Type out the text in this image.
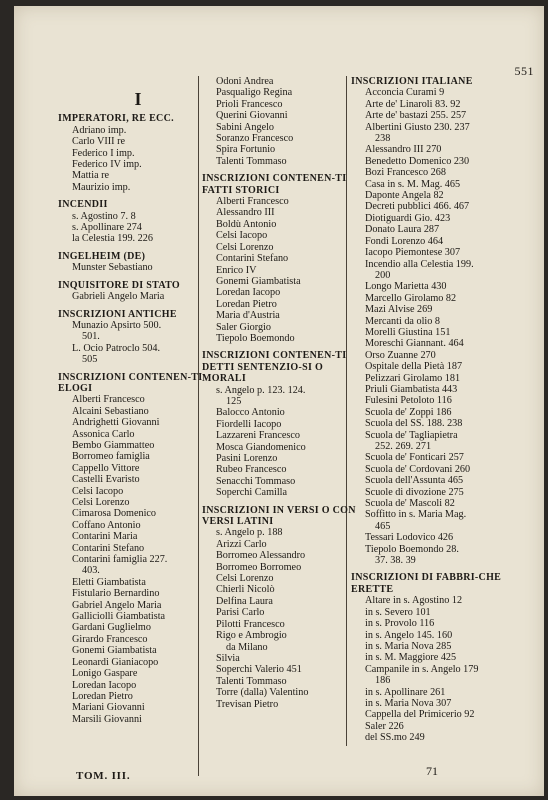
551
I
IMPERATORI, RE ECC.
Adriano imp.
Carlo VIII re
Federico I imp.
Federico IV imp.
Mattia re
Maurizio imp.
INCENDII
s. Agostino 7. 8
s. Apollinare 274
la Celestia 199. 226
INGELHEIM (DE)
Munster Sebastiano
INQUISITORE DI STATO
Gabrieli Angelo Maria
INSCRIZIONI ANTICHE
Munazio Apsirto 500.
501.
L. Ocio Patroclo 504.
505
INSCRIZIONI CONTENEN-TI ELOGI
Alberti Francesco
Alcaini Sebastiano
Andrighetti Giovanni
Assonica Carlo
Bembo Giammatteo
Borromeo famiglia
Cappello Vittore
Castelli Evaristo
Celsi Iacopo
Celsi Lorenzo
Cimarosa Domenico
Coffano Antonio
Contarini Maria
Contarini Stefano
Contarini famiglia 227.
403.
Eletti Giambatista
Fistulario Bernardino
Gabriel Angelo Maria
Galliciolli Giambatista
Gardani Guglielmo
Girardo Francesco
Gonemi Giambatista
Leonardi Gianiacopo
Lonigo Gaspare
Loredan Iacopo
Loredan Pietro
Mariani Giovanni
Marsili Giovanni
Odoni Andrea
Pasqualigo Regina
Prioli Francesco
Querini Giovanni
Sabini Angelo
Soranzo Francesco
Spira Fortunio
Talenti Tommaso
INSCRIZIONI CONTENEN-TI FATTI STORICI
Alberti Francesco
Alessandro III
Boldù Antonio
Celsi Iacopo
Celsi Lorenzo
Contarini Stefano
Enrico IV
Gonemi Giambatista
Loredan Iacopo
Loredan Pietro
Maria d'Austria
Saler Giorgio
Tiepolo Boemondo
INSCRIZIONI CONTENEN-TI DETTI SENTENZIO-SI O MORALI
s. Angelo p. 123. 124.
125
Balocco Antonio
Fiordelli Iacopo
Lazzareni Francesco
Mosca Giandomenico
Pasini Lorenzo
Rubeo Francesco
Senacchi Tommaso
Soperchi Camilla
INSCRIZIONI IN VERSI O CON VERSI LATINI
s. Angelo p. 188
Arizzi Carlo
Borromeo Alessandro
Borromeo Borromeo
Celsi Lorenzo
Chierli Nicolò
Delfina Laura
Parisi Carlo
Pilotti Francesco
Rigo e Ambrogio
da Milano
Silvia
Soperchi Valerio 451
Talenti Tommaso
Torre (dalla) Valentino
Trevisan Pietro
INSCRIZIONI ITALIANE
Acconcia Curami 9
Arte de' Linaroli 83. 92
Arte de' bastazi 255. 257
Albertini Giusto 230. 237
238
Alessandro III 270
Benedetto Domenico 230
Bozi Francesco 268
Casa in s. M. Mag. 465
Daponte Angela 82
Decreti pubblici 466. 467
Diotiguardi Gio. 423
Donato Laura 287
Fondi Lorenzo 464
Iacopo Piemontese 307
Incendio alla Celestia 199.
200
Longo Marietta 430
Marcello Girolamo 82
Mazi Alvise 269
Mercanti da olio 8
Morelli Giustina 151
Moreschi Giannant. 464
Orso Zuanne 270
Ospitale della Pietà 187
Pelizzari Girolamo 181
Priuli Giambatista 443
Fulesini Petoloto 116
Scuola de' Zoppi 186
Scuola del SS. 188. 238
Scuola de' Tagliapietra
252. 269. 271
Scuola de' Fonticari 257
Scuola de' Cordovani 260
Scuola dell'Assunta 465
Scuole di divozione 275
Scuola de' Mascoli 82
Soffitto in s. Maria Mag.
465
Tessari Lodovico 426
Tiepolo Boemondo 28.
37. 38. 39
INSCRIZIONI DI FABBRI-CHE ERETTE
Altare in s. Agostino 12
in s. Severo 101
in s. Provolo 116
in s. Angelo 145. 160
in s. Maria Nova 285
in s. M. Maggiore 425
Campanile in s. Angelo 179
186
in s. Apollinare 261
in s. Maria Nova 307
Cappella del Primicerio 92
Saler 226
del SS.mo 249
TOM. III.	71
